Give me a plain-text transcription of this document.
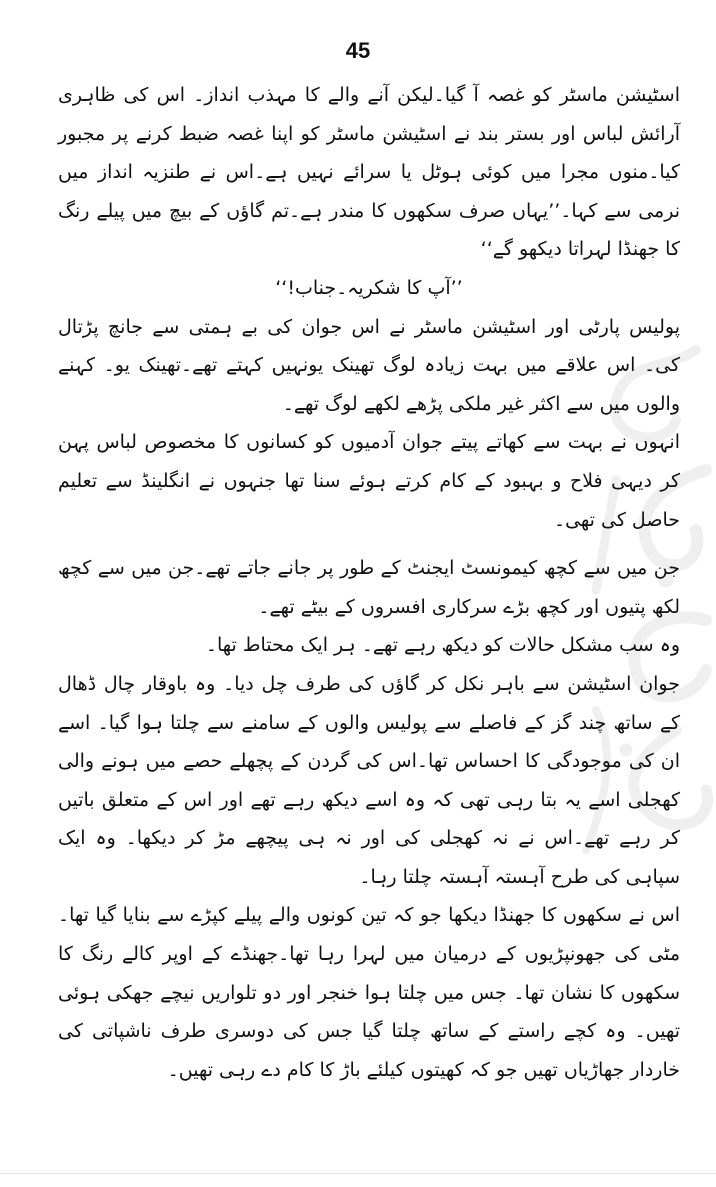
45

اسٹیشن ماسٹر کو غصہ آ گیا۔لیکن آنے والے کا مہذب انداز۔ اس کی ظاہری آرائش لباس اور بستر بند نے اسٹیشن ماسٹر کو اپنا غصہ ضبط کرنے پر مجبور کیا۔منوں مجرا میں کوئی ہوٹل یا سرائے نہیں ہے۔اس نے طنزیہ انداز میں نرمی سے کہا۔’’یہاں صرف سکھوں کا مندر ہے۔تم گاؤں کے بیچ میں پیلے رنگ کا جھنڈا لہراتا دیکھو گے‘‘

’’آپ کا شکریہ۔جناب!‘‘

پولیس پارٹی اور اسٹیشن ماسٹر نے اس جوان کی بے ہمتی سے جانچ پڑتال کی۔ اس علاقے میں بہت زیادہ لوگ تھینک یونہیں کہتے تھے۔تھینک یو۔ کہنے والوں میں سے اکثر غیر ملکی پڑھے لکھے لوگ تھے۔

انہوں نے بہت سے کھاتے پیتے جوان آدمیوں کو کسانوں کا مخصوص لباس پہن کر دیہی فلاح و بہبود کے کام کرتے ہوئے سنا تھا جنہوں نے انگلینڈ سے تعلیم حاصل کی تھی۔

جن میں سے کچھ کیمونسٹ ایجنٹ کے طور پر جانے جاتے تھے۔جن میں سے کچھ لکھ پتیوں اور کچھ بڑے سرکاری افسروں کے بیٹے تھے۔

وہ سب مشکل حالات کو دیکھ رہے تھے۔ ہر ایک محتاط تھا۔

جوان اسٹیشن سے باہر نکل کر گاؤں کی طرف چل دیا۔ وہ باوقار چال ڈھال کے ساتھ چند گز کے فاصلے سے پولیس والوں کے سامنے سے چلتا ہوا گیا۔ اسے ان کی موجودگی کا احساس تھا۔اس کی گردن کے پچھلے حصے میں ہونے والی کھجلی اسے یہ بتا رہی تھی کہ وہ اسے دیکھ رہے تھے اور اس کے متعلق باتیں کر رہے تھے۔اس نے نہ کھجلی کی اور نہ ہی پیچھے مڑ کر دیکھا۔ وہ ایک سپاہی کی طرح آہستہ آہستہ چلتا رہا۔

اس نے سکھوں کا جھنڈا دیکھا جو کہ تین کونوں والے پیلے کپڑے سے بنایا گیا تھا۔مٹی کی جھونپڑیوں کے درمیان میں لہرا رہا تھا۔جھنڈے کے اوپر کالے رنگ کا سکھوں کا نشان تھا۔ جس میں چلتا ہوا خنجر اور دو تلواریں نیچے جھکی ہوئی تھیں۔ وہ کچے راستے کے ساتھ چلتا گیا جس کی دوسری طرف ناشپاتی کی خاردار جھاڑیاں تھیں جو کہ کھیتوں کیلئے باڑ کا کام دے رہی تھیں۔
